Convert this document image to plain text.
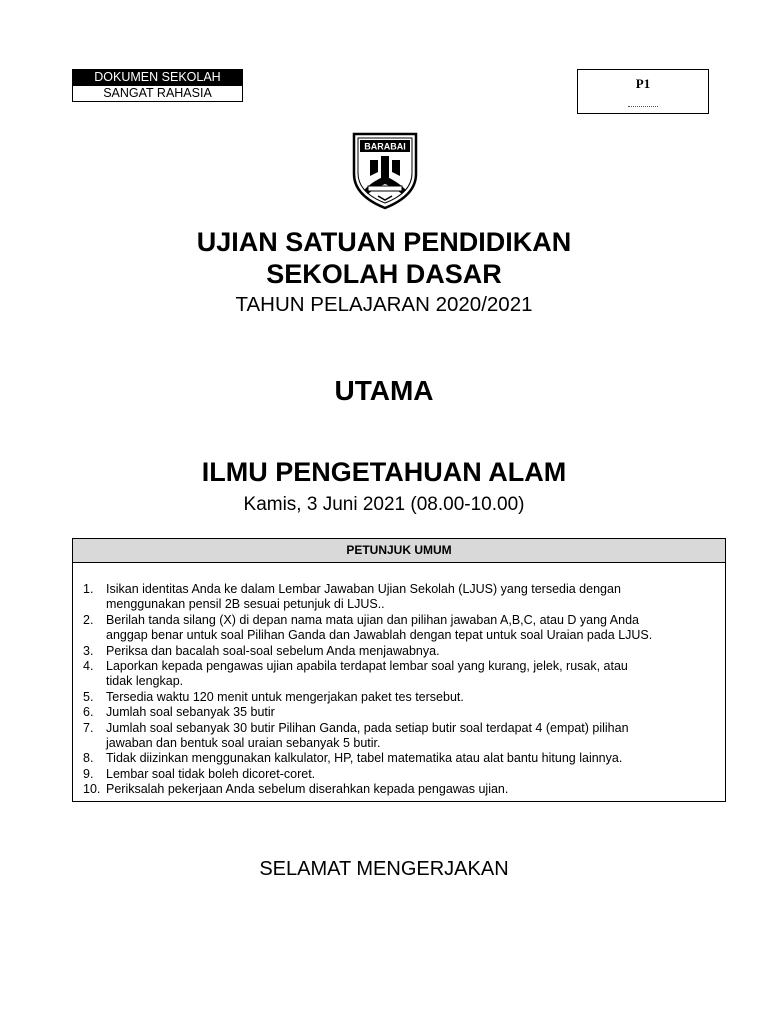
DOKUMEN SEKOLAH
SANGAT RAHASIA
P1
BARABAI
UJIAN SATUAN PENDIDIKAN
SEKOLAH DASAR
TAHUN PELAJARAN 2020/2021
UTAMA
ILMU PENGETAHUAN ALAM
Kamis, 3 Juni 2021 (08.00-10.00)
PETUNJUK UMUM
1.	Isikan identitas Anda ke dalam Lembar Jawaban Ujian Sekolah (LJUS) yang tersedia dengan
menggunakan pensil 2B sesuai petunjuk di LJUS..
2.	Berilah tanda silang (X) di depan nama mata ujian dan pilihan jawaban A,B,C, atau D yang Anda
anggap benar untuk soal Pilihan Ganda dan Jawablah dengan tepat untuk soal Uraian pada LJUS.
3.	Periksa dan bacalah soal-soal sebelum Anda menjawabnya.
4.	Laporkan kepada pengawas ujian apabila terdapat lembar soal yang kurang, jelek, rusak, atau
tidak lengkap.
5.	Tersedia waktu 120 menit untuk mengerjakan paket tes tersebut.
6.	Jumlah soal sebanyak 35 butir
7.	Jumlah soal sebanyak 30 butir Pilihan Ganda, pada setiap butir soal terdapat 4 (empat) pilihan
jawaban dan bentuk soal uraian sebanyak 5 butir.
8.	Tidak diizinkan menggunakan kalkulator, HP, tabel matematika atau alat bantu hitung lainnya.
9.	Lembar soal tidak boleh dicoret-coret.
10. Periksalah pekerjaan Anda sebelum diserahkan kepada pengawas ujian.
SELAMAT MENGERJAKAN
